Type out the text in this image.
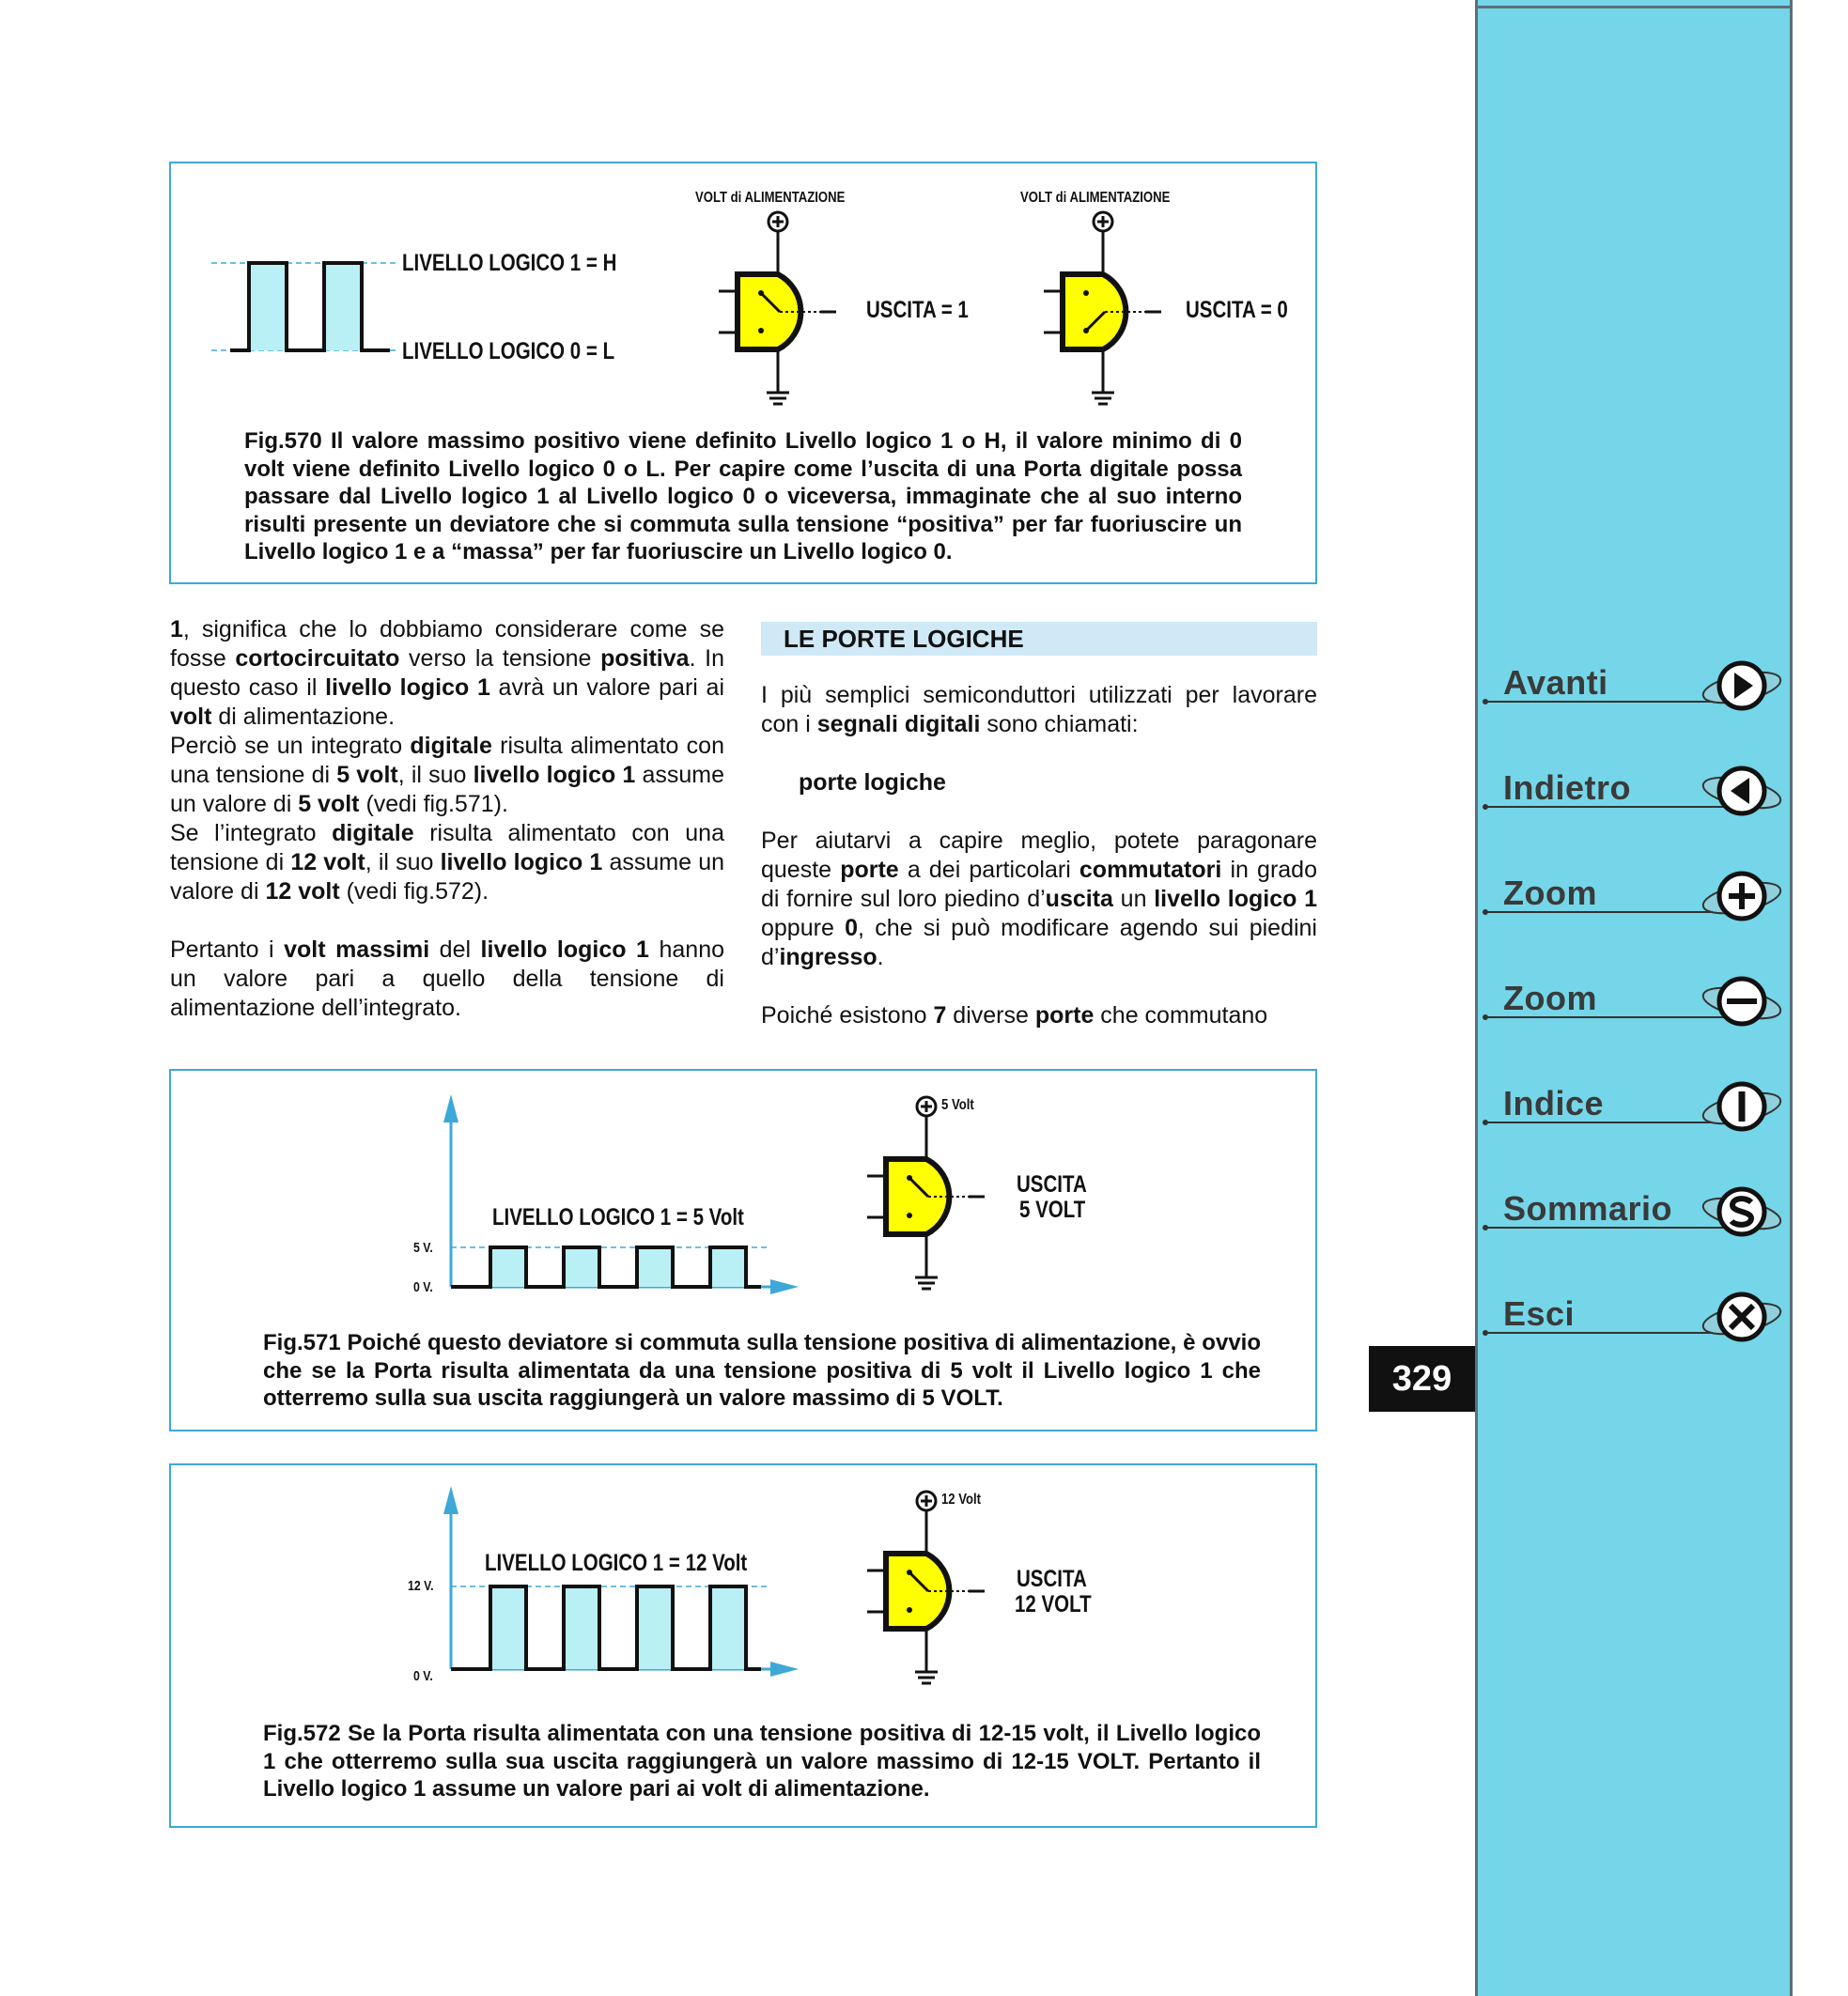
LIVELLO LOGICO 1 = H
LIVELLO LOGICO 0 = L
VOLT di ALIMENTAZIONE
USCITA = 1
VOLT di ALIMENTAZIONE
USCITA = 0
Fig.570 Il valore massimo positivo viene definito Livello logico 1 o H, il valore minimo di 0 volt viene definito Livello logico 0 o L. Per capire come l’uscita di una Porta digitale possa passare dal Livello logico 1 al Livello logico 0 o viceversa, immaginate che al suo interno risulti presente un deviatore che si commuta sulla tensione “positiva” per far fuoriuscire un Livello logico 1 e a “massa” per far fuoriuscire un Livello logico 0.

1, significa che lo dobbiamo considerare come se fosse cortocircuitato verso la tensione positiva. In questo caso il livello logico 1 avrà un valore pari ai volt di alimentazione.

Perciò se un integrato digitale risulta alimentato con una tensione di 5 volt, il suo livello logico 1 assume un valore di 5 volt (vedi fig.571).

Se l’integrato digitale risulta alimentato con una tensione di 12 volt, il suo livello logico 1 assume un valore di 12 volt (vedi fig.572).

Pertanto i volt massimi del livello logico 1 hanno un valore pari a quello della tensione di alimentazione dell’integrato.

LE PORTE LOGICHE

I più semplici semiconduttori utilizzati per lavorare con i segnali digitali sono chiamati:

porte logiche

Per aiutarvi a capire meglio, potete paragonare queste porte a dei particolari commutatori in grado di fornire sul loro piedino d’uscita un livello logico 1 oppure 0, che si può modificare agendo sui piedini d’ingresso.

Poiché esistono 7 diverse porte che commutano

LIVELLO LOGICO 1 = 5 Volt
5 V.
0 V.
5 Volt
USCITA
5 VOLT
Fig.571 Poiché questo deviatore si commuta sulla tensione positiva di alimentazione, è ovvio che se la Porta risulta alimentata da una tensione positiva di 5 volt il Livello logico 1 che otterremo sulla sua uscita raggiungerà un valore massimo di 5 VOLT.
LIVELLO LOGICO 1 = 12 Volt
12 V.
0 V.
12 Volt
USCITA
12 VOLT
Fig.572 Se la Porta risulta alimentata con una tensione positiva di 12-15 volt, il Livello logico 1 che otterremo sulla sua uscita raggiungerà un valore massimo di 12-15 VOLT. Pertanto il Livello logico 1 assume un valore pari ai volt di alimentazione.
Avanti
Indietro
Zoom
Zoom
Indice
Sommario
Esci
329
